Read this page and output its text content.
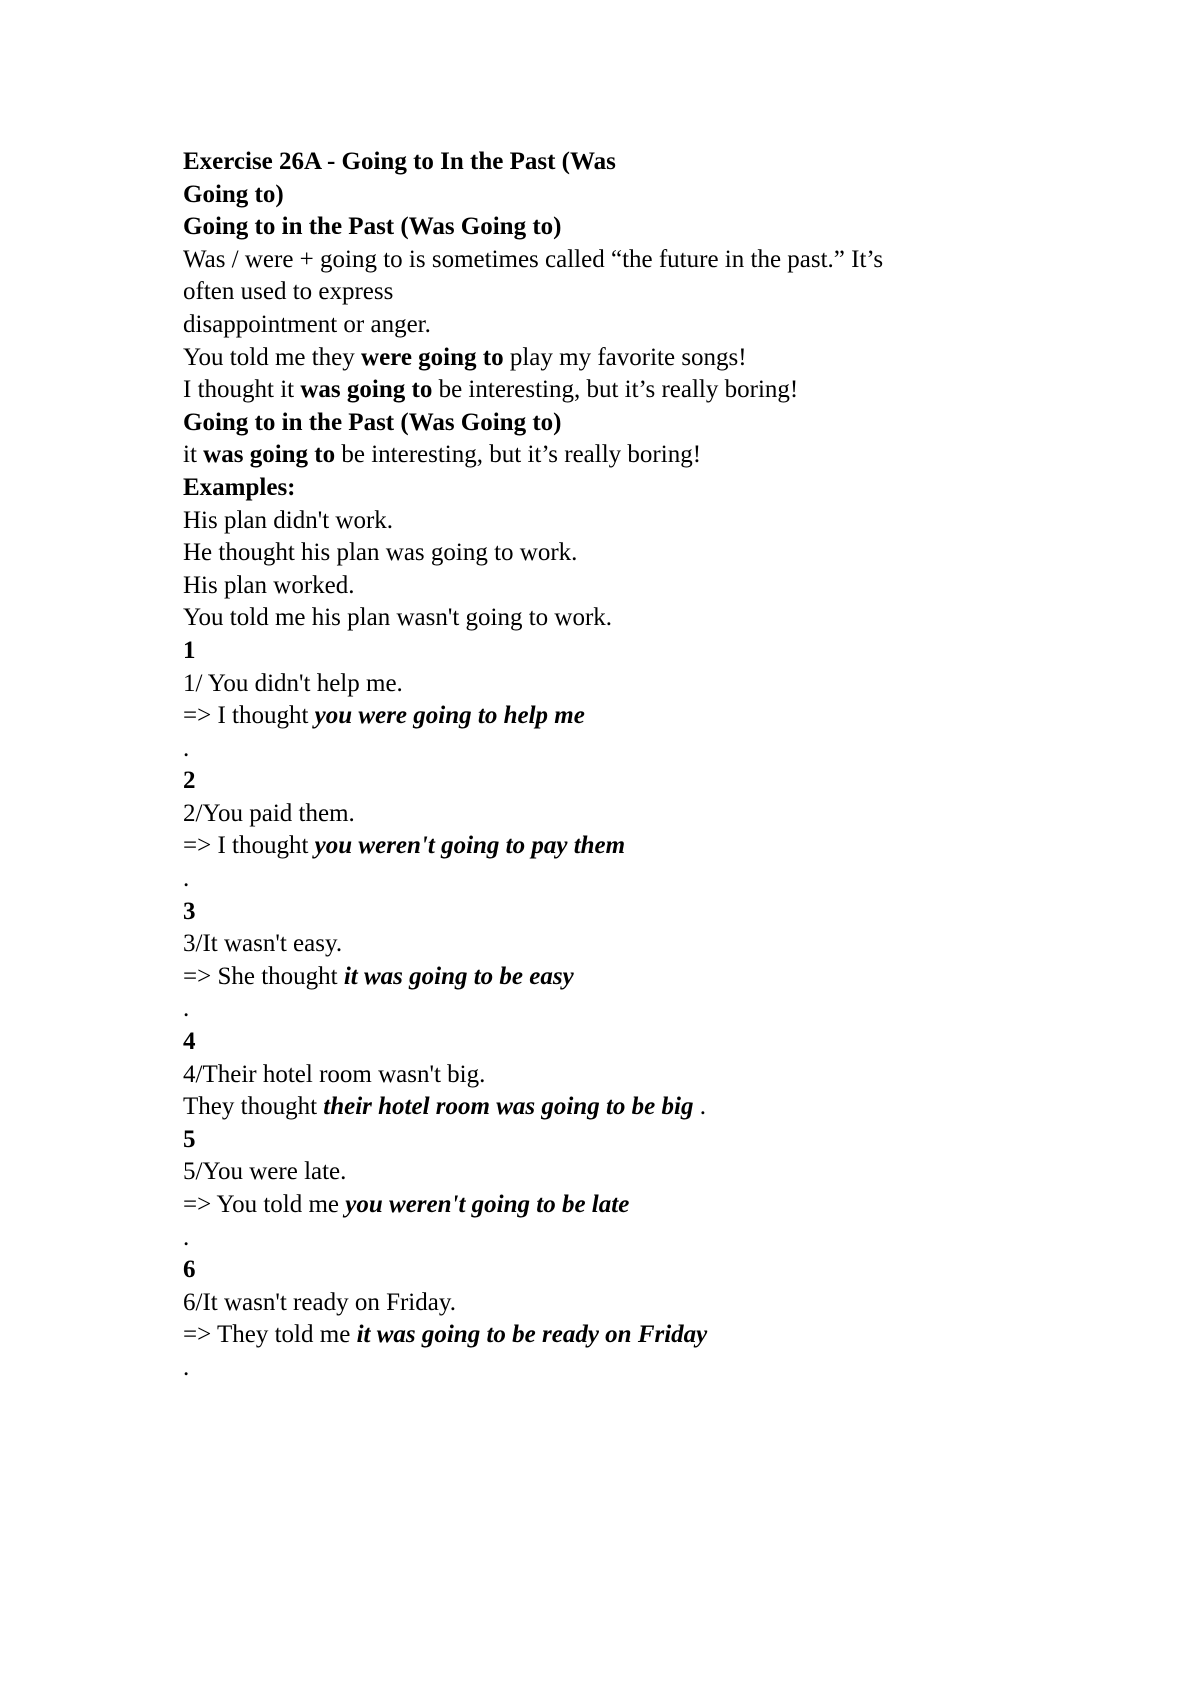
Exercise 26A - Going to In the Past (Was
Going to)
Going to in the Past (Was Going to)
Was / were + going to is sometimes called “the future in the past.” It’s
often used to express
disappointment or anger.
You told me they were going to play my favorite songs!
I thought it was going to be interesting, but it’s really boring!
Going to in the Past (Was Going to)
it was going to be interesting, but it’s really boring!
Examples:
His plan didn't work.
He thought his plan was going to work.
His plan worked.
You told me his plan wasn't going to work.
1
1/ You didn't help me.
=> I thought you were going to help me
.
2
2/You paid them.
=> I thought you weren't going to pay them
.
3
3/It wasn't easy.
=> She thought it was going to be easy
.
4
4/Their hotel room wasn't big.
They thought their hotel room was going to be big .
5
5/You were late.
=> You told me you weren't going to be late
.
6
6/It wasn't ready on Friday.
=> They told me it was going to be ready on Friday
.
